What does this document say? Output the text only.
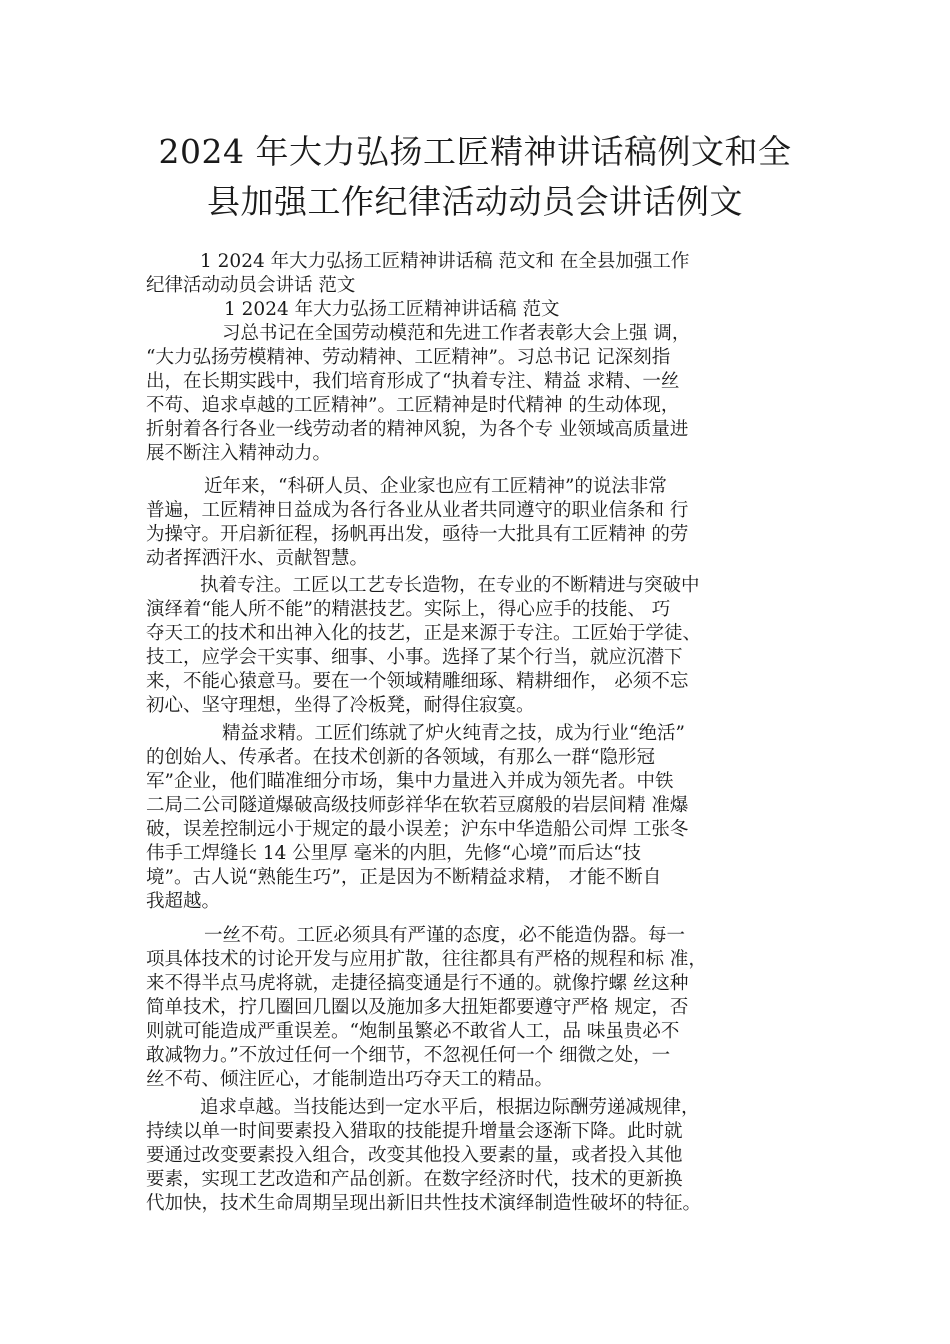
2024 年大力弘扬工匠精神讲话稿例文和全
县加强工作纪律活动动员会讲话例文
1 2024 年大力弘扬工匠精神讲话稿 范文和 在全县加强工作
纪律活动动员会讲话 范文
1 2024 年大力弘扬工匠精神讲话稿 范文
习总书记在全国劳动模范和先进工作者表彰大会上强 调，
“大力弘扬劳模精神、劳动精神、工匠精神”。习总书记 记深刻指
出，在长期实践中，我们培育形成了“执着专注、精益 求精、一丝
不苟、追求卓越的工匠精神”。工匠精神是时代精神 的生动体现，
折射着各行各业一线劳动者的精神风貌，为各个专 业领域高质量进
展不断注入精神动力。
近年来，“科研人员、企业家也应有工匠精神”的说法非常
普遍，工匠精神日益成为各行各业从业者共同遵守的职业信条和 行
为操守。开启新征程，扬帆再出发，亟待一大批具有工匠精神 的劳
动者挥洒汗水、贡献智慧。
执着专注。工匠以工艺专长造物，在专业的不断精进与突破中
演绎着“能人所不能”的精湛技艺。实际上，得心应手的技能、 巧
夺天工的技术和出神入化的技艺，正是来源于专注。工匠始于学徒、
技工，应学会干实事、细事、小事。选择了某个行当，就应沉潜下
来，不能心猿意马。要在一个领域精雕细琢、精耕细作， 必须不忘
初心、坚守理想，坐得了冷板凳，耐得住寂寞。
精益求精。工匠们练就了炉火纯青之技，成为行业“绝活”
的创始人、传承者。在技术创新的各领域，有那么一群“隐形冠
军”企业，他们瞄准细分市场，集中力量进入并成为领先者。中铁
二局二公司隧道爆破高级技师彭祥华在软若豆腐般的岩层间精 准爆
破，误差控制远小于规定的最小误差；沪东中华造船公司焊 工张冬
伟手工焊缝长 14 公里厚 毫米的内胆，先修“心境”而后达“技
境”。古人说“熟能生巧”，正是因为不断精益求精， 才能不断自
我超越。
一丝不苟。工匠必须具有严谨的态度，必不能造伪器。每一
项具体技术的讨论开发与应用扩散，往往都具有严格的规程和标 准，
来不得半点马虎将就，走捷径搞变通是行不通的。就像拧螺 丝这种
简单技术，拧几圈回几圈以及施加多大扭矩都要遵守严格 规定，否
则就可能造成严重误差。“炮制虽繁必不敢省人工，品 味虽贵必不
敢减物力。”不放过任何一个细节，不忽视任何一个 细微之处，一
丝不苟、倾注匠心，才能制造出巧夺天工的精品。
追求卓越。当技能达到一定水平后，根据边际酬劳递减规律，
持续以单一时间要素投入猎取的技能提升增量会逐渐下降。此时就
要通过改变要素投入组合，改变其他投入要素的量，或者投入其他
要素，实现工艺改造和产品创新。在数字经济时代，技术的更新换
代加快，技术生命周期呈现出新旧共性技术演绎制造性破坏的特征。
